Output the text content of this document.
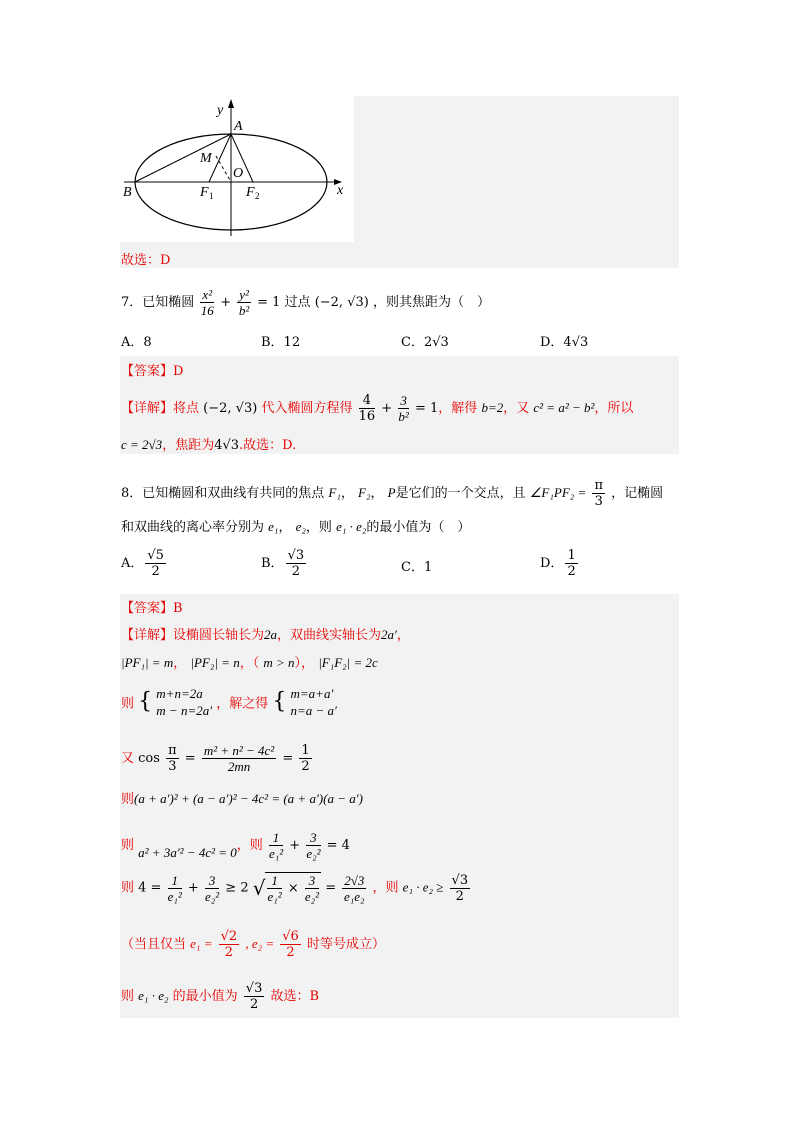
y
x
A
M
O
B	F 1 F 2
故选：D
7．已知椭圆 $\frac{\text{x²}}{16} + \frac{\text{y²}}{\text{b²}} = 1$ 过点 (−2, √3) ，则其焦距为（　）
A．8	B．12	C．2√3	D．4√3
【答案】D
【详解】将点 (−2, √3) 代入椭圆方程得 $\frac{4}{16} + \frac{3}{\text{b²}} = 1$，解得 b=2，又 c² = a² − b²，所以
c = 2√3，焦距为4√3.故选：D.
8．已知椭圆和双曲线有共同的焦点 F₁， F₂， P是它们的一个交点，且 ∠F₁PF₂ = $\frac{\pi}{3}$ ，记椭圆
和双曲线的离心率分别为 e₁， e₂，则 e₁ · e₂的最小值为（　）
A． $\frac{√5}{2}$	B． $\frac{√3}{2}$	C．1	D． $\frac{1}{2}$
【答案】B
【详解】设椭圆长轴长为2a，双曲线实轴长为2a′，
|PF₁| = m， |PF₂| = n，（ m > n）， |F₁F₂| = 2c
则 { m+n=2a
m − n=2a′ ，解之得 { m=a+a′
n=a − a′
又 $\cos \frac{\pi}{3} = \frac{\text{m² + n² − 4c²}}{2mn} = \frac{1}{2}$
则(a + a′)² + (a − a′)² − 4c² = (a + a′)(a − a′)
则 a² + 3a′² − 4c² = 0，则 $\frac{1}{\text{e₁²}} + \frac{3}{\text{e₂²}} = 4$
则 $4 = \frac{1}{\text{e₁²}} + \frac{3}{\text{e₂²}} \ge 2$ √ $\frac{1}{\text{e₁²}} \times \frac{3}{\text{e₂²}} = \frac{2√3}{\text{e₁e₂}}$ ，则 $e_1 \cdot e_2 \ge \frac{√3}{2}$
（当且仅当 $e_1 = \frac{√2}{2}$ , $e_2 = \frac{√6}{2}$ 时等号成立）
则 e₁ · e₂ 的最小值为 $\frac{√3}{2}$ 故选：B
